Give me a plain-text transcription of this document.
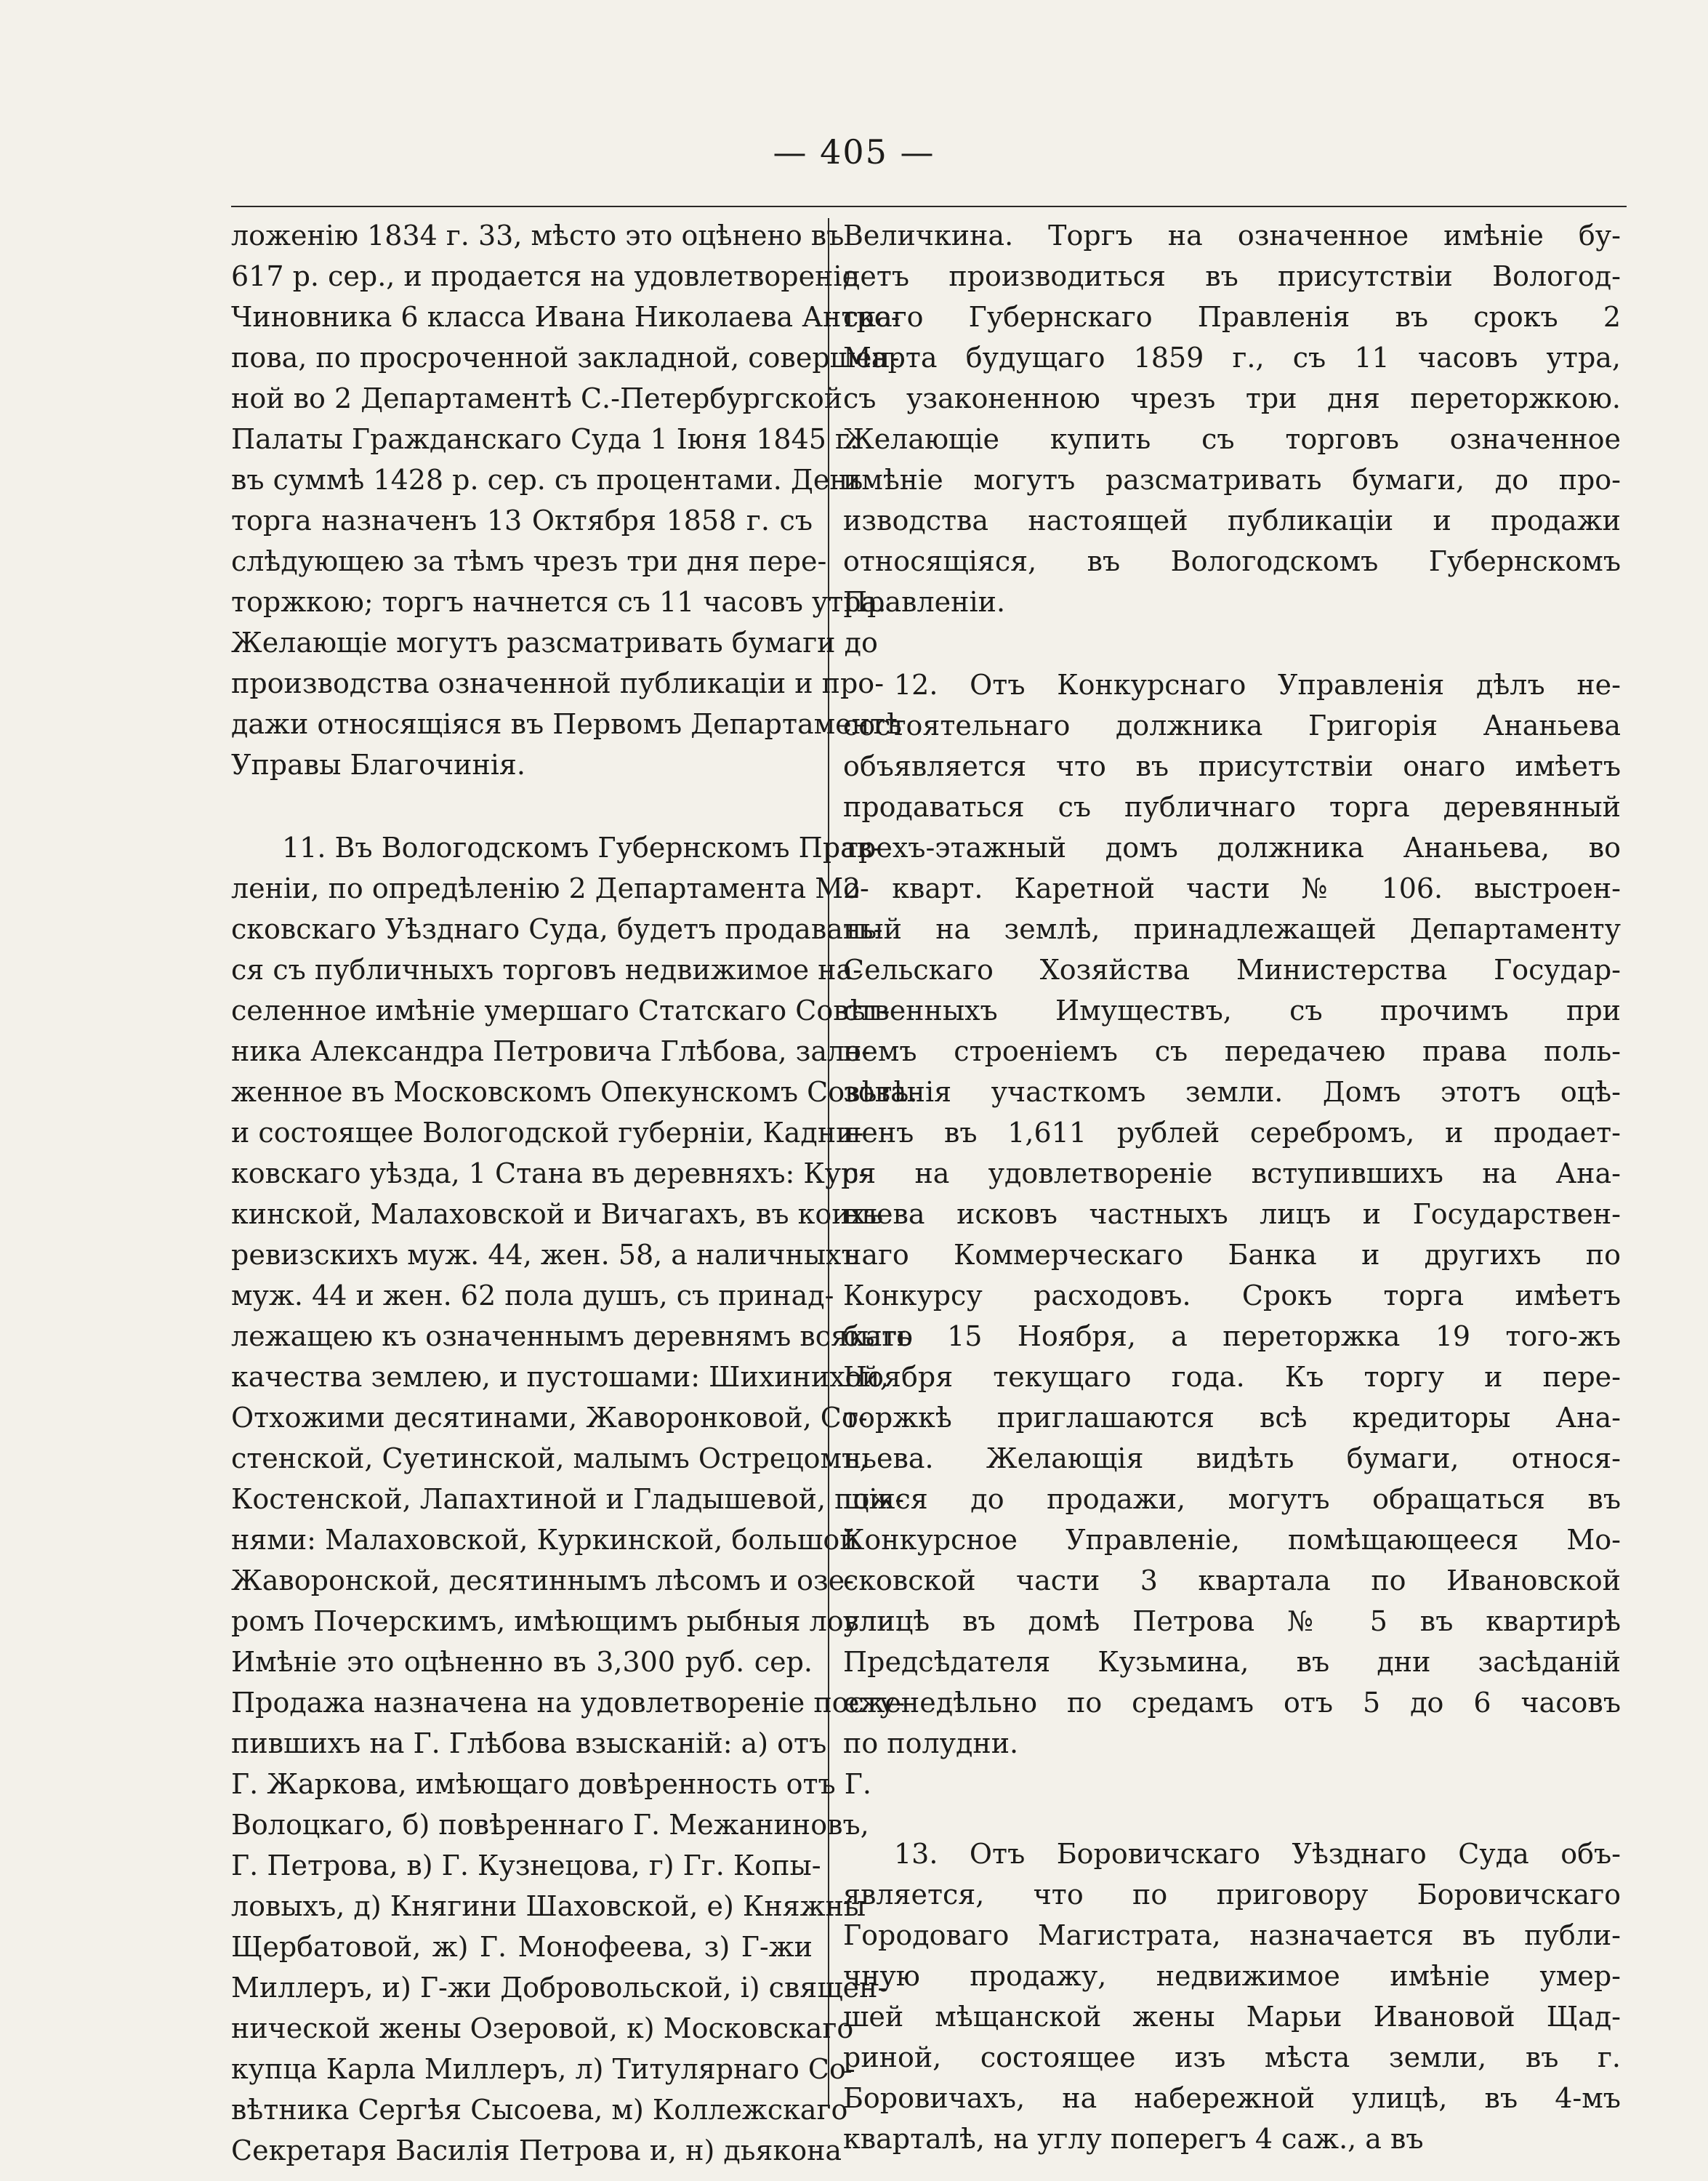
— 405 —
ложенію 1834 г. 33, мѣсто это оцѣнено въ
617 р. сер., и продается на удовлетвореніе
Чиновника 6 класса Ивана Николаева Антро-
пова, по просроченной закладной, совершен-
ной во 2 Департаментѣ С.-Петербургской
Палаты Гражданскаго Суда 1 Іюня 1845 г.
въ суммѣ 1428 р. сер. съ процентами. День
торга назначенъ 13 Октября 1858 г. съ
слѣдующею за тѣмъ чрезъ три дня пере-
торжкою; торгъ начнется съ 11 часовъ утра.
Желающіе могутъ разсматривать бумаги до
производства означенной публикаціи и про-
дажи относящіяся въ Первомъ Департаментѣ
Управы Благочинія.
11. Въ Вологодскомъ Губернскомъ Прав-
леніи, по опредѣленію 2 Департамента Мо-
сковскаго Уѣзднаго Суда, будетъ продавать-
ся съ публичныхъ торговъ недвижимое на-
селенное имѣніе умершаго Статскаго Совѣт-
ника Александра Петровича Глѣбова, зало-
женное въ Московскомъ Опекунскомъ Совѣтѣ.
и состоящее Вологодской губерніи, Кадни-
ковскаго уѣзда, 1 Стана въ деревняхъ: Кур-
кинской, Малаховской и Вичагахъ, въ коихъ
ревизскихъ муж. 44, жен. 58, а наличныхъ
муж. 44 и жен. 62 пола душъ, съ принад-
лежащею къ означеннымъ деревнямъ всякаго
качества землею, и пустошами: Шихинихой,
Отхожими десятинами, Жаворонковой, Со-
стенской, Суетинской, малымъ Острецомъ,
Костенской, Лапахтиной и Гладышевой, пож-
нями: Малаховской, Куркинской, большой
Жаворонской, десятиннымъ лѣсомъ и озе-
ромъ Почерскимъ, имѣющимъ рыбныя ловли.
Имѣніе это оцѣненно въ 3,300 руб. сер.
Продажа назначена на удовлетвореніе посту-
пившихъ на Г. Глѣбова взысканій: а) отъ
Г. Жаркова, имѣющаго довѣренность отъ Г.
Волоцкаго, б) повѣреннаго Г. Межаниновъ,
Г. Петрова, в) Г. Кузнецова, г) Гг. Копы-
ловыхъ, д) Княгини Шаховской, е) Княжны
Щербатовой, ж) Г. Монофеева, з) Г-жи
Миллеръ, и) Г-жи Добровольской, і) священ-
нической жены Озеровой, к) Московскаго
купца Карла Миллеръ, л) Титулярнаго Со-
вѣтника Сергѣя Сысоева, м) Коллежскаго
Секретаря Василія Петрова и, н) дьякона
Величкина. Торгъ на означенное имѣніе бу-
детъ производиться въ присутствіи Вологод-
скаго Губернскаго Правленія въ срокъ 2
Марта будущаго 1859 г., съ 11 часовъ утра,
съ узаконенною чрезъ три дня переторжкою.
Желающіе купить съ торговъ означенное
имѣніе могутъ разсматривать бумаги, до про-
изводства настоящей публикаціи и продажи
относящіяся, въ Вологодскомъ Губернскомъ
Правленіи.
12. Отъ Конкурснаго Управленія дѣлъ не-
состоятельнаго должника Григорія Ананьева
объявляется что въ присутствіи онаго имѣетъ
продаваться съ публичнаго торга деревянный
трехъ-этажный домъ должника Ананьева, во
2 кварт. Каретной части № 106. выстроен-
ный на землѣ, принадлежащей Департаменту
Сельскаго Хозяйства Министерства Государ-
ственныхъ Имуществъ, съ прочимъ при
немъ строеніемъ съ передачею права поль-
зованія участкомъ земли. Домъ этотъ оцѣ-
ненъ въ 1,611 рублей серебромъ, и продает-
ся на удовлетвореніе вступившихъ на Ана-
ньева исковъ частныхъ лицъ и Государствен-
наго Коммерческаго Банка и другихъ по
Конкурсу расходовъ. Срокъ торга имѣетъ
быть 15 Ноября, а переторжка 19 того-жъ
Ноября текущаго года. Къ торгу и пере-
торжкѣ приглашаются всѣ кредиторы Ана-
ньева. Желающія видѣть бумаги, относя-
щіяся до продажи, могутъ обращаться въ
Конкурсное Управленіе, помѣщающееся Мо-
сковской части 3 квартала по Ивановской
улицѣ въ домѣ Петрова № 5 въ квартирѣ
Предсѣдателя Кузьмина, въ дни засѣданій
еженедѣльно по средамъ отъ 5 до 6 часовъ
по полудни.
13. Отъ Боровичскаго Уѣзднаго Суда объ-
является, что по приговору Боровичскаго
Городоваго Магистрата, назначается въ публи-
чную продажу, недвижимое имѣніе умер-
шей мѣщанской жены Марьи Ивановой Щад-
риной, состоящее изъ мѣста земли, въ г.
Боровичахъ, на набережной улицѣ, въ 4-мъ
кварталѣ, на углу поперегъ 4 саж., а въ
